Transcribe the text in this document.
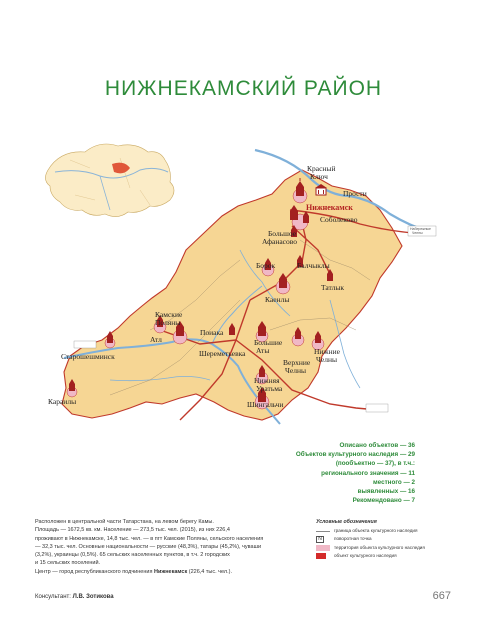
НИЖНЕКАМСКИЙ РАЙОН
Набережные Челны
Красный Ключ
Прости
Нижнекамск
Соболеково
Большое Афанасово
Борок	Балчыклы
Татлык
Каенлы
Камские Поляны
Поиака
Атл
Шереметьевка
Большие Аты
Верхние Челны
Нижние Челны
Старошешминск
Нижняя Уратьма
Караилы	Шингальчи
Описано объектов — 36
Объектов культурного наследия — 29
(пообъектно — 37), в т.ч.:
регионального значения — 11
местного — 2
выявленных — 16
Рекомендовано — 7
Расположен в центральной части Татарстана, на левом берегу Камы.
Площадь — 1672,5 кв. км. Население — 273,5 тыс. чел. (2015), из них 226,4
проживают в Нижнекамске, 14,8 тыс. чел. — в пгт Камские Поляны, сельского населения
— 32,3 тыс. чел. Основные национальности — русские (48,3%), татары (45,2%), чуваши
(3,2%), украинцы (0,5%). 65 сельских населенных пунктов, в т.ч. 2 городских
и 15 сельских поселений.
Центр — город республиканского подчинения Нижнекамск (226,4 тыс. чел.).
Условные обозначения
граница объекта культурного наследия
N	поворотная точка
территория объекта культурного наследия
объект культурного наследия
Консультант: Л.В. Зотикова	667
